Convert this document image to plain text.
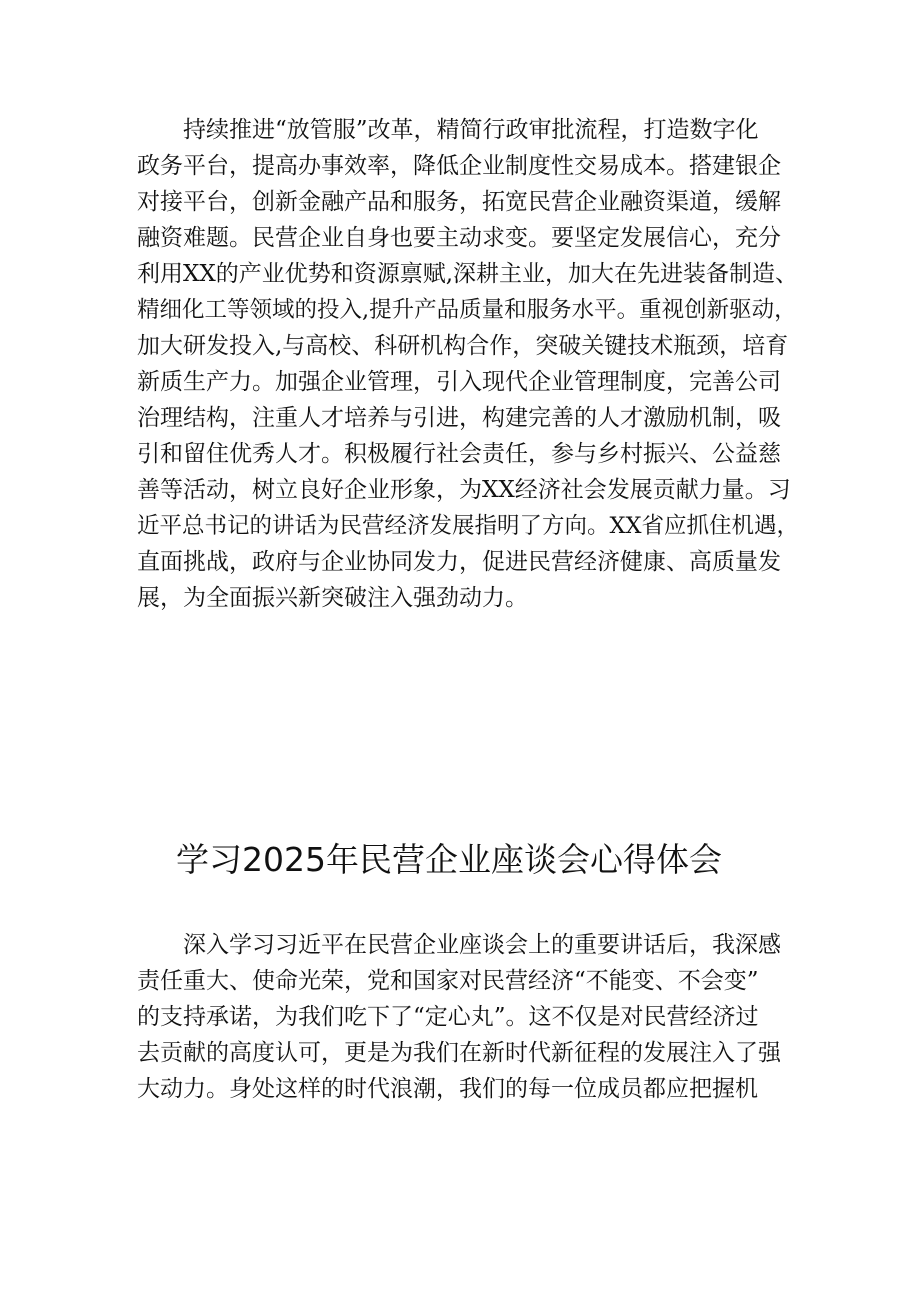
持续推进“放管服”改革，精简行政审批流程，打造数字化
政务平台，提高办事效率，降低企业制度性交易成本。搭建银企
对接平台，创新金融产品和服务，拓宽民营企业融资渠道，缓解
融资难题。民营企业自身也要主动求变。要坚定发展信心，充分
利用XX的产业优势和资源禀赋,深耕主业，加大在先进装备制造、
精细化工等领域的投入,提升产品质量和服务水平。重视创新驱动，
加大研发投入,与高校、科研机构合作，突破关键技术瓶颈，培育
新质生产力。加强企业管理，引入现代企业管理制度，完善公司
治理结构，注重人才培养与引进，构建完善的人才激励机制，吸
引和留住优秀人才。积极履行社会责任，参与乡村振兴、公益慈
善等活动，树立良好企业形象，为XX经济社会发展贡献力量。习
近平总书记的讲话为民营经济发展指明了方向。XX省应抓住机遇，
直面挑战，政府与企业协同发力，促进民营经济健康、高质量发
展，为全面振兴新突破注入强劲动力。
学习2025年民营企业座谈会心得体会
深入学习习近平在民营企业座谈会上的重要讲话后，我深感
责任重大、使命光荣，党和国家对民营经济“不能变、不会变”
的支持承诺，为我们吃下了“定心丸”。这不仅是对民营经济过
去贡献的高度认可，更是为我们在新时代新征程的发展注入了强
大动力。身处这样的时代浪潮，我们的每一位成员都应把握机
